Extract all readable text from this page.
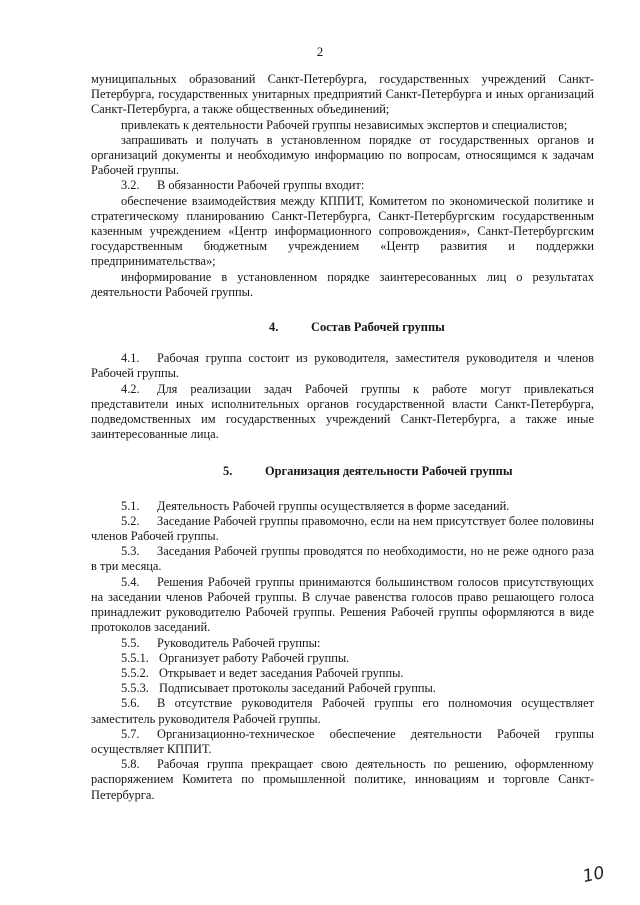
2

муниципальных образований Санкт-Петербурга, государственных учреждений Санкт-Петербурга, государственных унитарных предприятий Санкт-Петербурга и иных организаций Санкт-Петербурга, а также общественных объединений;

привлекать к деятельности Рабочей группы независимых экспертов и специалистов;

запрашивать и получать в установленном порядке от государственных органов и организаций документы и необходимую информацию по вопросам, относящимся к задачам Рабочей группы.

3.2. В обязанности Рабочей группы входит:

обеспечение взаимодействия между КППИТ, Комитетом по экономической политике и стратегическому планированию Санкт-Петербурга, Санкт-Петербургским государственным казенным учреждением «Центр информационного сопровождения», Санкт-Петербургским государственным бюджетным учреждением «Центр развития и поддержки предпринимательства»;

информирование в установленном порядке заинтересованных лиц о результатах деятельности Рабочей группы.

4.	Состав Рабочей группы

4.1. Рабочая группа состоит из руководителя, заместителя руководителя и членов Рабочей группы.

4.2. Для реализации задач Рабочей группы к работе могут привлекаться представители иных исполнительных органов государственной власти Санкт-Петербурга, подведомственных им государственных учреждений Санкт-Петербурга, а также иные заинтересованные лица.

5.	Организация деятельности Рабочей группы

5.1. Деятельность Рабочей группы осуществляется в форме заседаний.

5.2. Заседание Рабочей группы правомочно, если на нем присутствует более половины членов Рабочей группы.

5.3. Заседания Рабочей группы проводятся по необходимости, но не реже одного раза в три месяца.

5.4. Решения Рабочей группы принимаются большинством голосов присутствующих на заседании членов Рабочей группы. В случае равенства голосов право решающего голоса принадлежит руководителю Рабочей группы. Решения Рабочей группы оформляются в виде протоколов заседаний.

5.5. Руководитель Рабочей группы:

5.5.1. Организует работу Рабочей группы.

5.5.2. Открывает и ведет заседания Рабочей группы.

5.5.3. Подписывает протоколы заседаний Рабочей группы.

5.6. В отсутствие руководителя Рабочей группы его полномочия осуществляет заместитель руководителя Рабочей группы.

5.7. Организационно-техническое обеспечение деятельности Рабочей группы осуществляет КППИТ.

5.8. Рабочая группа прекращает свою деятельность по решению, оформленному распоряжением Комитета по промышленной политике, инновациям и торговле Санкт-Петербурга.

10
